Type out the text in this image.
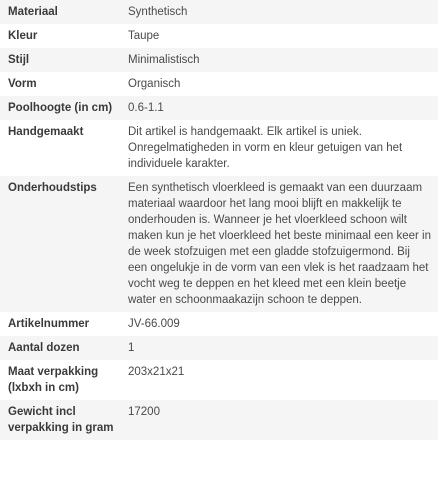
Materiaal	Synthetisch
Kleur	Taupe
Stijl	Minimalistisch
Vorm	Organisch
Poolhoogte (in cm)	0.6-1.1
Handgemaakt	Dit artikel is handgemaakt. Elk artikel is uniek. Onregelmatigheden in vorm en kleur getuigen van het individuele karakter.
Onderhoudstips	Een synthetisch vloerkleed is gemaakt van een duurzaam materiaal waardoor het lang mooi blijft en makkelijk te onderhouden is. Wanneer je het vloerkleed schoon wilt maken kun je het vloerkleed het beste minimaal een keer in de week stofzuigen met een gladde stofzuigermond. Bij een ongelukje in de vorm van een vlek is het raadzaam het vocht weg te deppen en het kleed met een klein beetje water en schoonmaakazijn schoon te deppen.
Artikelnummer	JV-66.009
Aantal dozen	1
Maat verpakking (lxbxh in cm)	203x21x21
Gewicht incl verpakking in gram	17200
